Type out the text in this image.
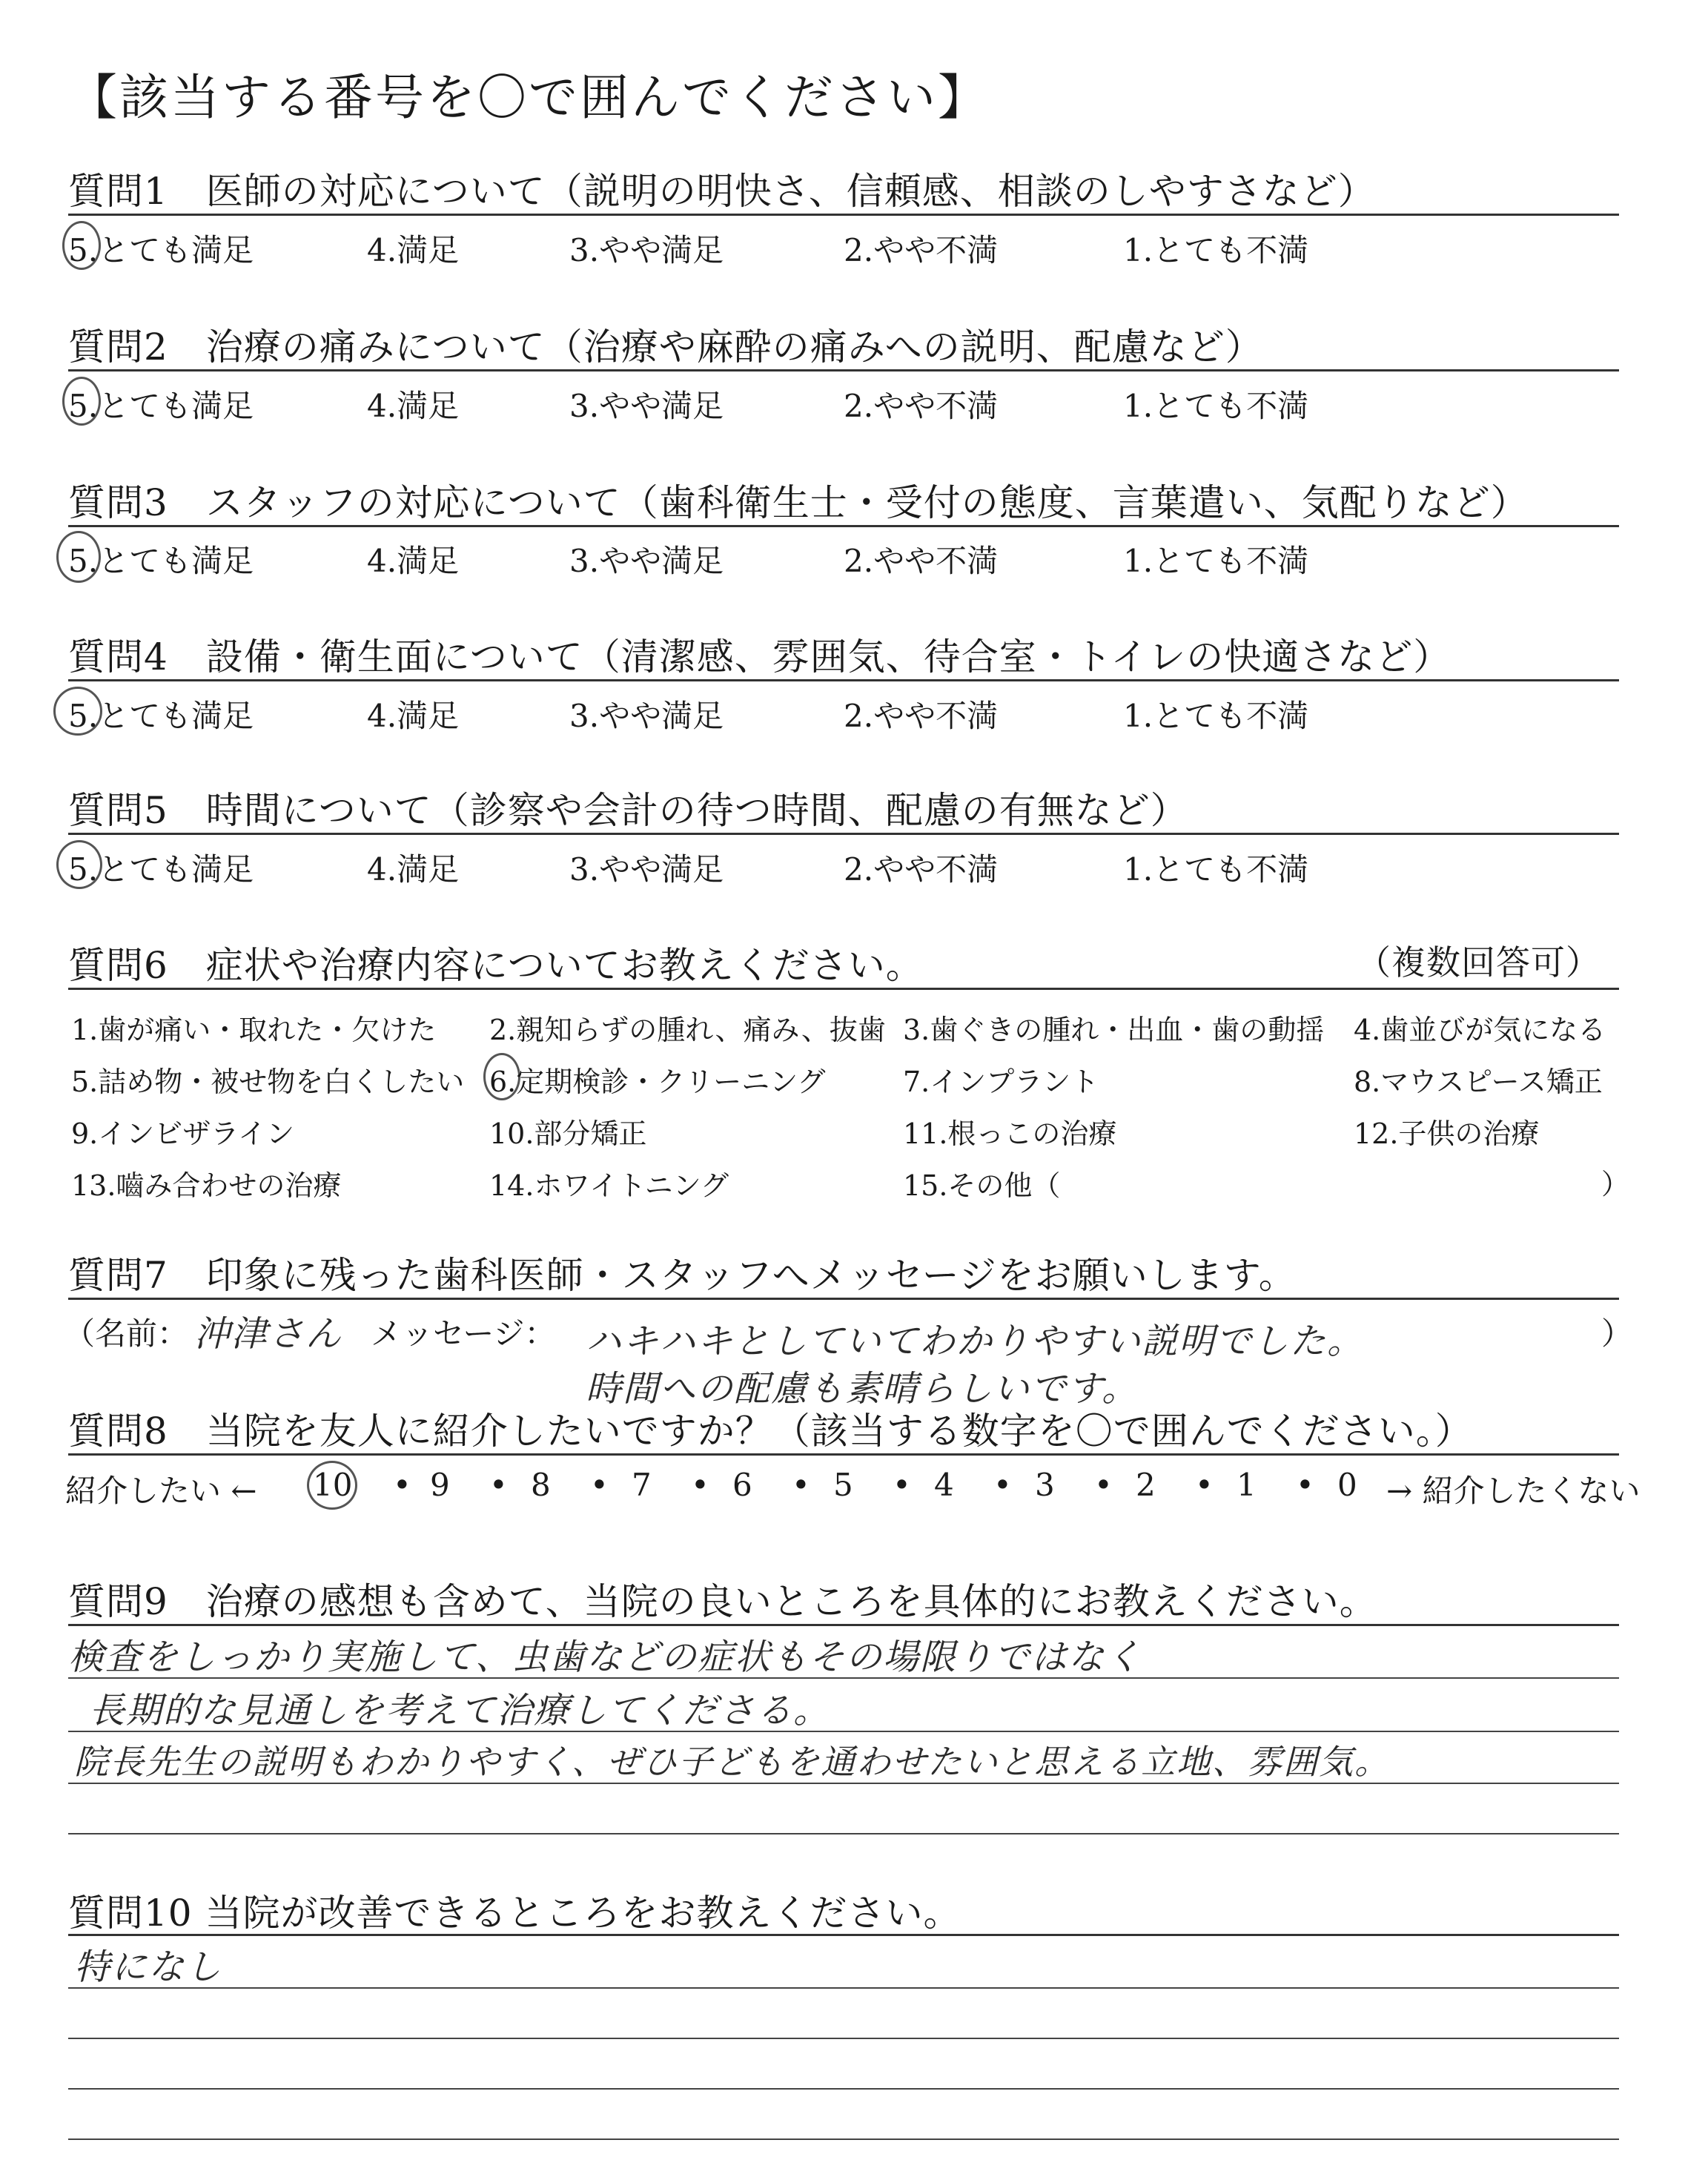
【該当する番号を〇で囲んでください】
質問1　医師の対応について（説明の明快さ、信頼感、相談のしやすさなど）
5.とても満足	4.満足	3.やや満足	2.やや不満	1.とても不満
質問2　治療の痛みについて（治療や麻酔の痛みへの説明、配慮など）
5.とても満足	4.満足	3.やや満足	2.やや不満	1.とても不満
質問3　スタッフの対応について（歯科衛生士・受付の態度、言葉遣い、気配りなど）
5.とても満足	4.満足	3.やや満足	2.やや不満	1.とても不満
質問4　設備・衛生面について（清潔感、雰囲気、待合室・トイレの快適さなど）
5.とても満足	4.満足	3.やや満足	2.やや不満	1.とても不満
質問5　時間について（診察や会計の待つ時間、配慮の有無など）
5.とても満足	4.満足	3.やや満足	2.やや不満	1.とても不満
質問6　症状や治療内容についてお教えください。	（複数回答可）
1.歯が痛い・取れた・欠けた 2.親知らずの腫れ、痛み、抜歯 3.歯ぐきの腫れ・出血・歯の動揺 4.歯並びが気になる
5.詰め物・被せ物を白くしたい 6.定期検診・クリーニング	7.インプラント	8.マウスピース矯正
9.インビザライン	10.部分矯正	11.根っこの治療	12.子供の治療
13.嚙み合わせの治療	14.ホワイトニング	15.その他（	）
質問7　印象に残った歯科医師・スタッフへメッセージをお願いします。
（名前： 沖津さん メッセージ： ハキハキとしていてわかりやすい説明でした。
時間への配慮も素晴らしいです。
）
質問8　当院を友人に紹介したいですか？（該当する数字を〇で囲んでください。）
紹介したい ← 10 9	8	7	6	5	4	3	2	1	0
•	•	•	•	•	•	•	•	•	• → 紹介したくない
質問9　治療の感想も含めて、当院の良いところを具体的にお教えください。
検査をしっかり実施して、虫歯などの症状もその場限りではなく
長期的な見通しを考えて治療してくださる。
院長先生の説明もわかりやすく、ぜひ子どもを通わせたいと思える立地、雰囲気。
質問10 当院が改善できるところをお教えください。
特になし
